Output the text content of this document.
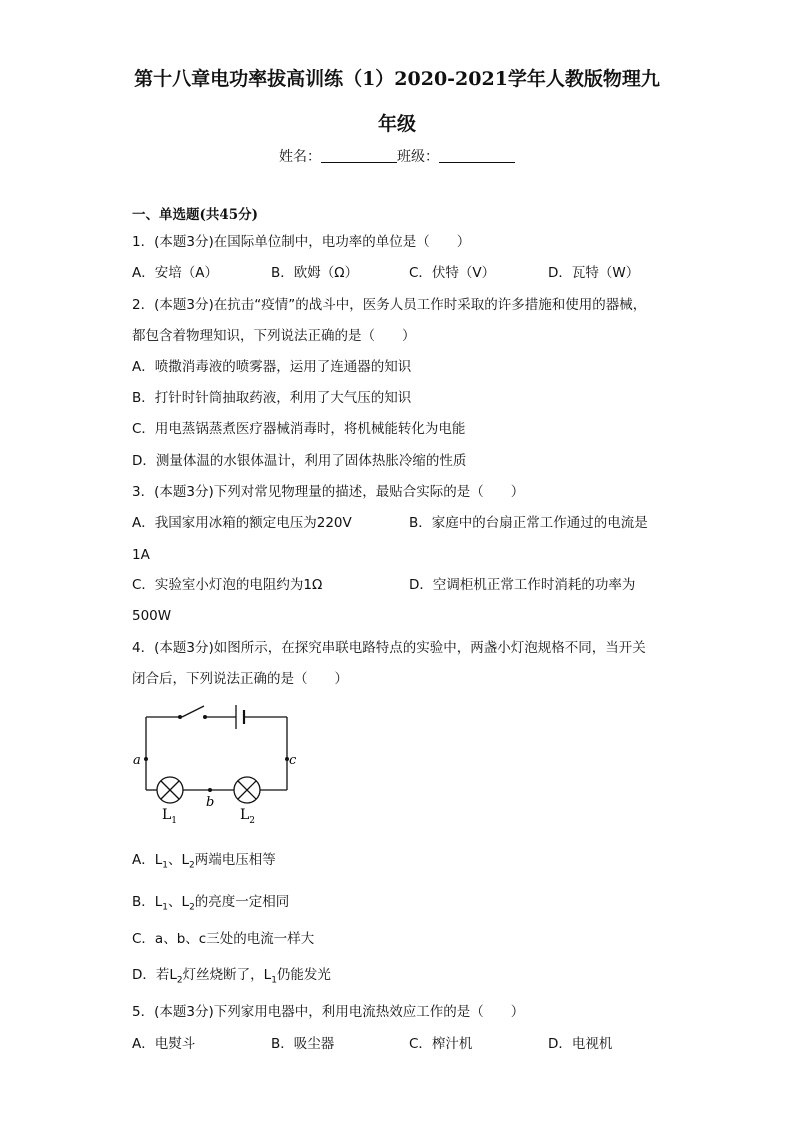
第十八章电功率拔高训练（1）2020-2021学年人教版物理九
年级
姓名：	班级：
一、单选题(共45分)
1．(本题3分)在国际单位制中，电功率的单位是（　　）
A．安培（A）	B．欧姆（Ω）	C．伏特（V）	D．瓦特（W）
2．(本题3分)在抗击“疫情”的战斗中，医务人员工作时采取的许多措施和使用的器械，
都包含着物理知识，下列说法正确的是（　　）
A．喷撒消毒液的喷雾器，运用了连通器的知识
B．打针时针筒抽取药液，利用了大气压的知识
C．用电蒸锅蒸煮医疗器械消毒时，将机械能转化为电能
D．测量体温的水银体温计，利用了固体热胀冷缩的性质
3．(本题3分)下列对常见物理量的描述，最贴合实际的是（　　）
A．我国家用冰箱的额定电压为220V	B．家庭中的台扇正常工作通过的电流是
1A
C．实验室小灯泡的电阻约为1Ω	D．空调柜机正常工作时消耗的功率为
500W
4．(本题3分)如图所示，在探究串联电路特点的实验中，两盏小灯泡规格不同，当开关
闭合后，下列说法正确的是（　　）
a	c
b
$L_1$	$L_2$
A．$L_1$、$L_2$两端电压相等
B．$L_1$、$L_2$的亮度一定相同
C．a、b、c三处的电流一样大
D．若$L_2$灯丝烧断了，$L_1$仍能发光
5．(本题3分)下列家用电器中，利用电流热效应工作的是（　　）
A．电熨斗	B．吸尘器	C．榨汁机	D．电视机
